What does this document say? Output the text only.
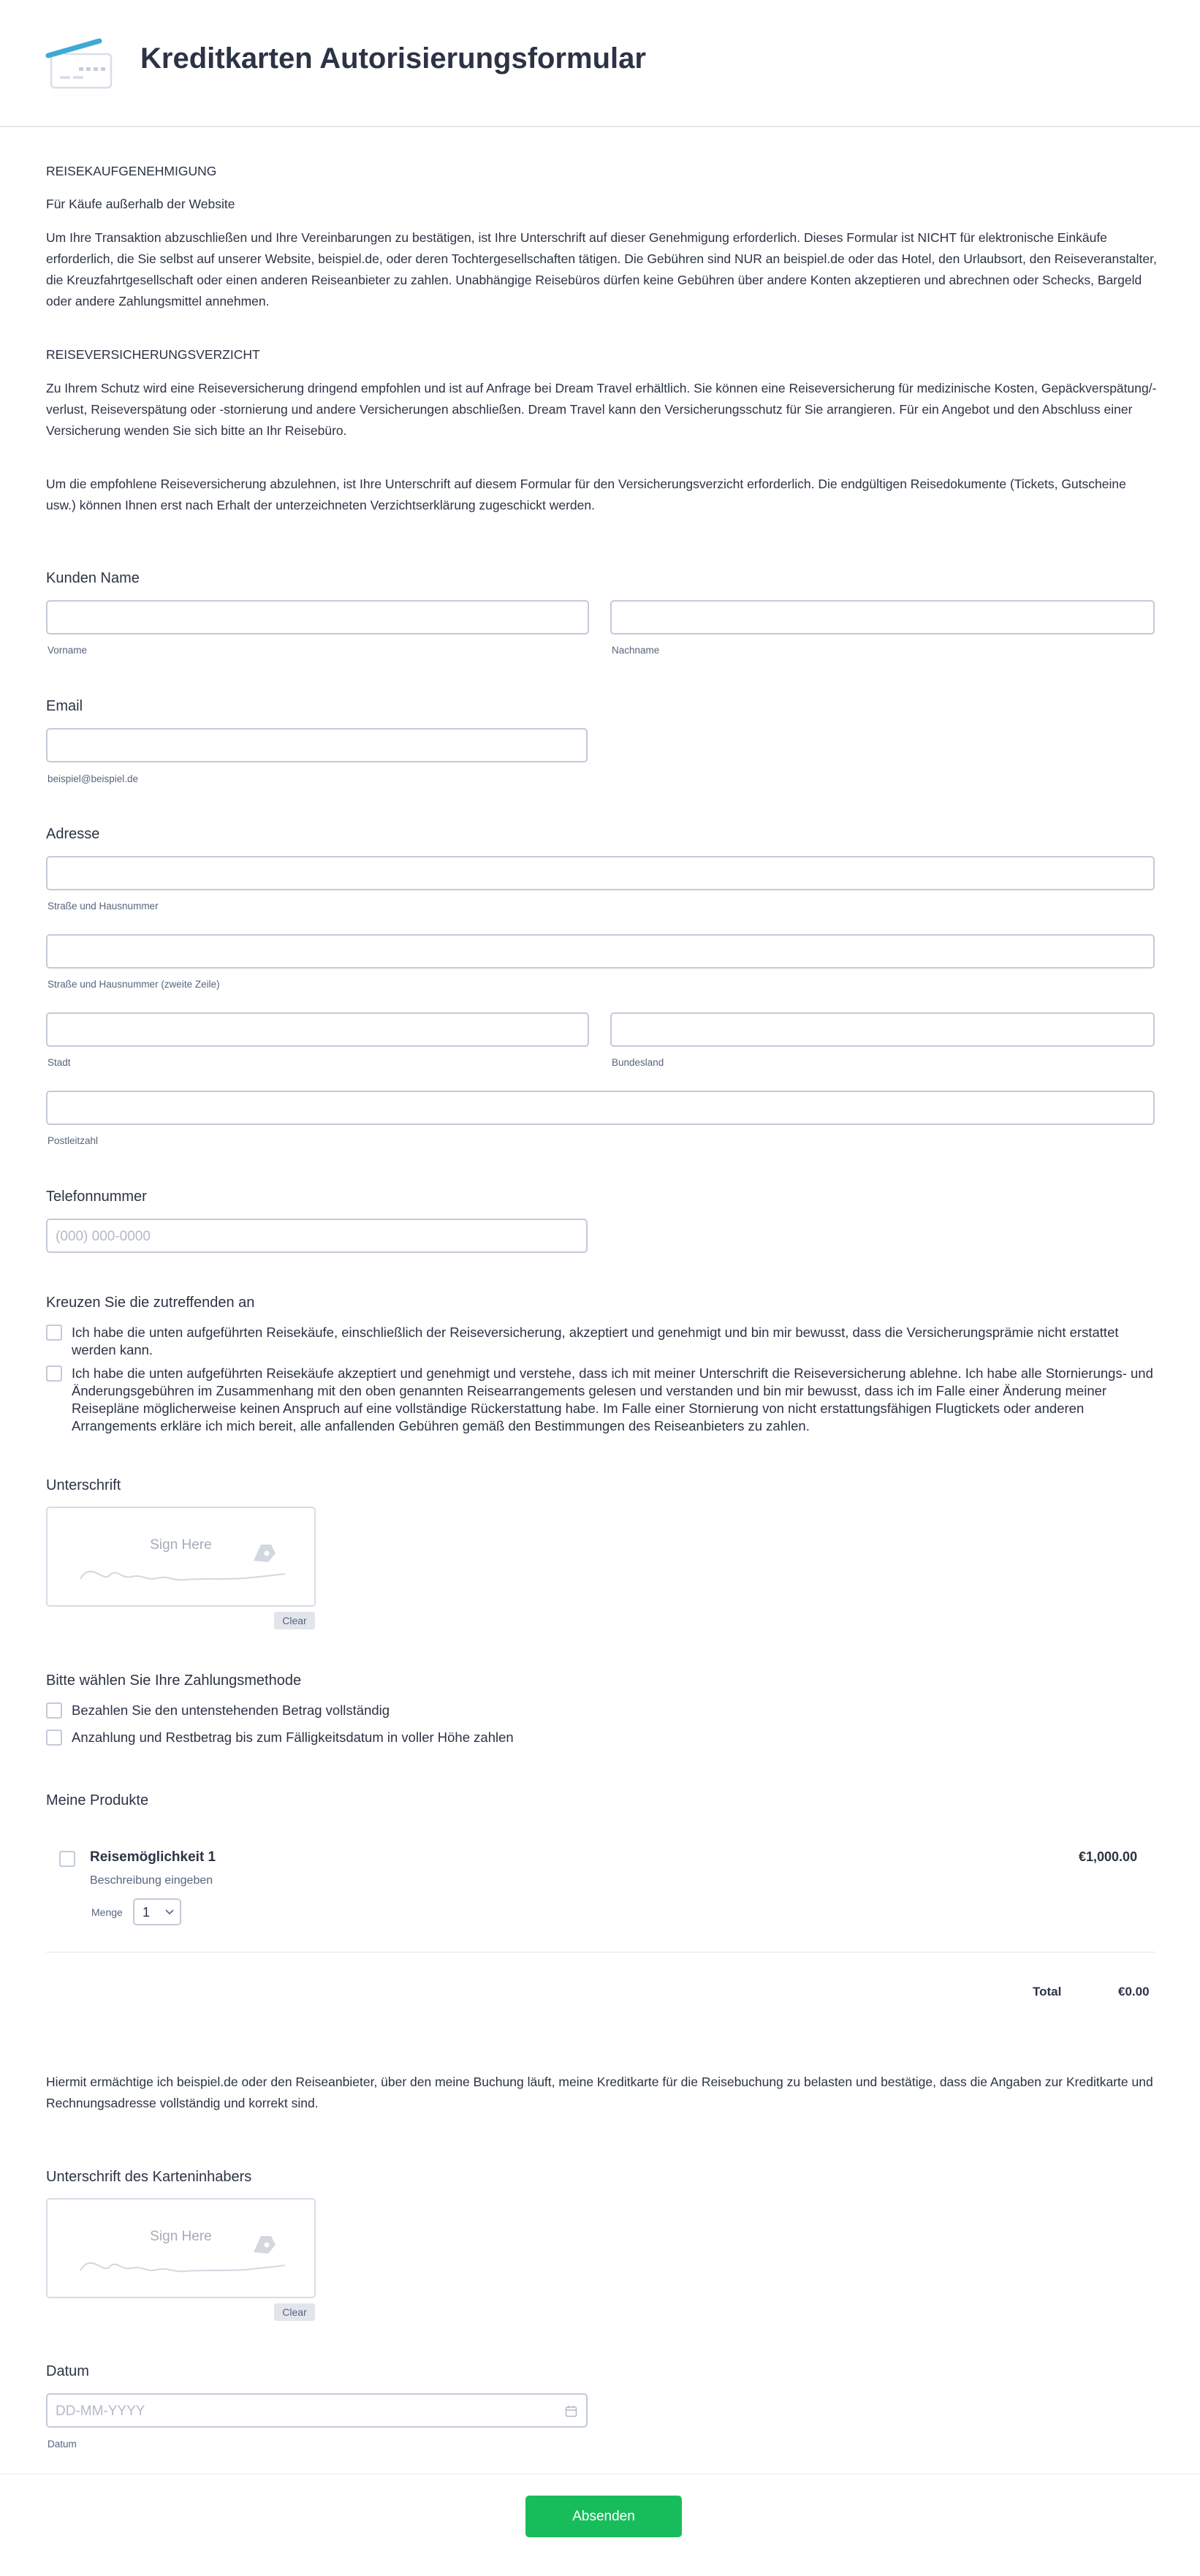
Kreditkarten Autorisierungsformular
REISEKAUFGENEHMIGUNG
Für Käufe außerhalb der Website

Um Ihre Transaktion abzuschließen und Ihre Vereinbarungen zu bestätigen, ist Ihre Unterschrift auf dieser Genehmigung erforderlich. Dieses Formular ist NICHT für elektronische Einkäufe erforderlich, die Sie selbst auf unserer Website, beispiel.de, oder deren Tochtergesellschaften tätigen. Die Gebühren sind NUR an beispiel.de oder das Hotel, den Urlaubsort, den Reiseveranstalter, die Kreuzfahrtgesellschaft oder einen anderen Reiseanbieter zu zahlen. Unabhängige Reisebüros dürfen keine Gebühren über andere Konten akzeptieren und abrechnen oder Schecks, Bargeld oder andere Zahlungsmittel annehmen.

REISEVERSICHERUNGSVERZICHT

Zu Ihrem Schutz wird eine Reiseversicherung dringend empfohlen und ist auf Anfrage bei Dream Travel erhältlich. Sie können eine Reiseversicherung für medizinische Kosten, Gepäckverspätung/-verlust, Reiseverspätung oder -stornierung und andere Versicherungen abschließen. Dream Travel kann den Versicherungsschutz für Sie arrangieren. Für ein Angebot und den Abschluss einer Versicherung wenden Sie sich bitte an Ihr Reisebüro.

Um die empfohlene Reiseversicherung abzulehnen, ist Ihre Unterschrift auf diesem Formular für den Versicherungsverzicht erforderlich. Die endgültigen Reisedokumente (Tickets, Gutscheine usw.) können Ihnen erst nach Erhalt der unterzeichneten Verzichtserklärung zugeschickt werden.

Kunden Name
Vorname	Nachname
Email
beispiel@beispiel.de
Adresse
Straße und Hausnummer
Straße und Hausnummer (zweite Zeile)
Stadt	Bundesland
Postleitzahl
Telefonnummer
(000) 000-0000
Kreuzen Sie die zutreffenden an
Ich habe die unten aufgeführten Reisekäufe, einschließlich der Reiseversicherung, akzeptiert und genehmigt und bin mir bewusst, dass die Versicherungsprämie nicht erstattet werden kann.
Ich habe die unten aufgeführten Reisekäufe akzeptiert und genehmigt und verstehe, dass ich mit meiner Unterschrift die Reiseversicherung ablehne. Ich habe alle Stornierungs- und Änderungsgebühren im Zusammenhang mit den oben genannten Reisearrangements gelesen und verstanden und bin mir bewusst, dass ich im Falle einer Änderung meiner Reisepläne möglicherweise keinen Anspruch auf eine vollständige Rückerstattung habe. Im Falle einer Stornierung von nicht erstattungsfähigen Flugtickets oder anderen Arrangements erkläre ich mich bereit, alle anfallenden Gebühren gemäß den Bestimmungen des Reiseanbieters zu zahlen.
Unterschrift
Sign Here
Clear
Bitte wählen Sie Ihre Zahlungsmethode
Bezahlen Sie den untenstehenden Betrag vollständig
Anzahlung und Restbetrag bis zum Fälligkeitsdatum in voller Höhe zahlen
Meine Produkte
Reisemöglichkeit 1	€1,000.00
Beschreibung eingeben
Menge 1
Total	€0.00

Hiermit ermächtige ich beispiel.de oder den Reiseanbieter, über den meine Buchung läuft, meine Kreditkarte für die Reisebuchung zu belasten und bestätige, dass die Angaben zur Kreditkarte und Rechnungsadresse vollständig und korrekt sind.

Unterschrift des Karteninhabers
Sign Here
Clear
Datum
DD-MM-YYYY
Datum
Absenden
